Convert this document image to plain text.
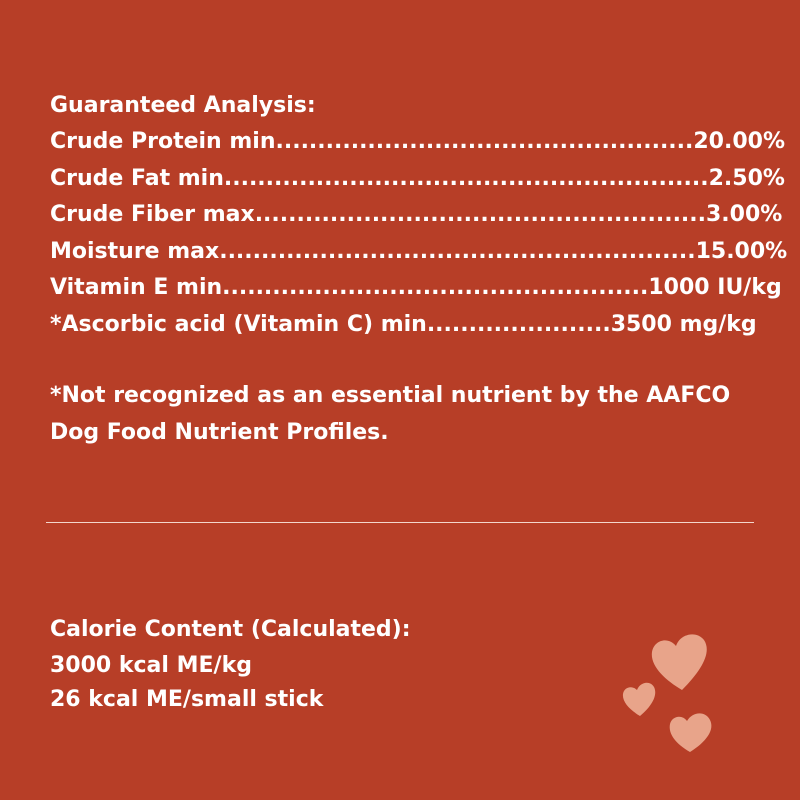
Guaranteed Analysis:
Crude Protein min..................................................20.00%
Crude Fat min..........................................................2.50%
Crude Fiber max......................................................3.00%
Moisture max.........................................................15.00%
Vitamin E min...................................................1000 IU/kg
*Ascorbic acid (Vitamin C) min......................3500 mg/kg
*Not recognized as an essential nutrient by the AAFCO Dog Food Nutrient Profiles.
Calorie Content (Calculated):
3000 kcal ME/kg
26 kcal ME/small stick
